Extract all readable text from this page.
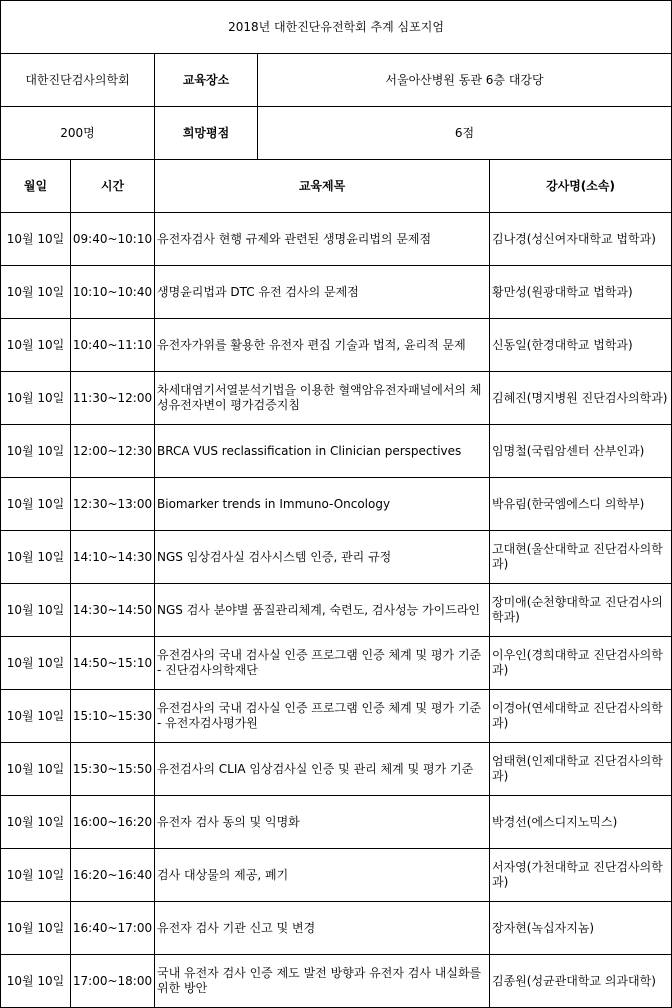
2018년 대한진단유전학회 추계 심포지엄				
대한진단검사의학회		교육장소	서울아산병원 동관 6층 대강당	
200명		희망평점	6점	
월일	시간	교육제목		강사명(소속)
10월 10일	09:40~10:10	유전자검사 현행 규제와 관련된 생명윤리법의 문제점		김나경(성신여자대학교 법학과)
10월 10일	10:10~10:40	생명윤리법과 DTC 유전 검사의 문제점		황만성(원광대학교 법학과)
10월 10일	10:40~11:10	유전자가위를 활용한 유전자 편집 기술과 법적, 윤리적 문제		신동일(한경대학교 법학과)
10월 10일	11:30~12:00	차세대염기서열분석기법을 이용한 혈액암유전자패널에서의 체성유전자변이 평가검증지침		김혜진(명지병원 진단검사의학과)
10월 10일	12:00~12:30	BRCA VUS reclassification in Clinician perspectives		임명철(국립암센터 산부인과)
10월 10일	12:30~13:00	Biomarker trends in Immuno-Oncology		박유림(한국엠에스디 의학부)
10월 10일	14:10~14:30	NGS 임상검사실 검사시스템 인증, 관리 규정		고대현(울산대학교 진단검사의학과)
10월 10일	14:30~14:50	NGS 검사 분야별 품질관리체계, 숙련도, 검사성능 가이드라인		장미애(순천향대학교 진단검사의학과)
10월 10일	14:50~15:10	유전검사의 국내 검사실 인증 프로그램 인증 체계 및 평가 기준 - 진단검사의학재단		이우인(경희대학교 진단검사의학과)
10월 10일	15:10~15:30	유전검사의 국내 검사실 인증 프로그램 인증 체계 및 평가 기준 - 유전자검사평가원		이경아(연세대학교 진단검사의학과)
10월 10일	15:30~15:50	유전검사의 CLIA 임상검사실 인증 및 관리 체계 및 평가 기준		엄태현(인제대학교 진단검사의학과)
10월 10일	16:00~16:20	유전자 검사 동의 및 익명화		박경선(에스디지노믹스)
10월 10일	16:20~16:40	검사 대상물의 제공, 폐기		서자영(가천대학교 진단검사의학과)
10월 10일	16:40~17:00	유전자 검사 기관 신고 및 변경		장자현(녹십자지놈)
10월 10일	17:00~18:00	국내 유전자 검사 인증 제도 발전 방향과 유전자 검사 내실화를 위한 방안		김종원(성균관대학교 의과대학)
